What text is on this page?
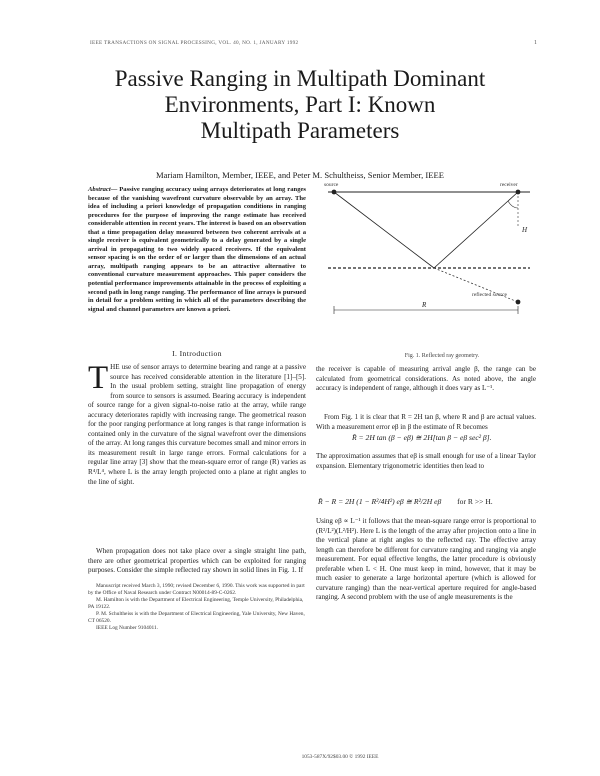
IEEE TRANSACTIONS ON SIGNAL PROCESSING, VOL. 40, NO. 1, JANUARY 1992	1
Passive Ranging in Multipath Dominant
Environments, Part I: Known
Multipath Parameters
Mariam Hamilton, Member, IEEE, and Peter M. Schultheiss, Senior Member, IEEE
Abstract— Passive ranging accuracy using arrays deteriorates at long ranges because of the vanishing wavefront curvature observable by an array. The idea of including a priori knowledge of propagation conditions in ranging procedures for the purpose of improving the range estimate has received considerable attention in recent years. The interest is based on an observation that a time propagation delay measured between two coherent arrivals at a single receiver is equivalent geometrically to a delay generated by a single arrival in propagating to two widely spaced receivers. If the equivalent sensor spacing is on the order of or larger than the dimensions of an actual array, multipath ranging appears to be an attractive alternative to conventional curvature measurement approaches. This paper considers the potential performance improvements attainable in the process of exploiting a second path in long range ranging. The performance of line arrays is pursued in detail for a problem setting in which all of the parameters describing the signal and channel parameters are known a priori.
source	receiver
reflected source
R
H
Fig. 1. Reflected ray geometry.
I. Introduction
T HE use of sensor arrays to determine bearing and range at a passive source has received considerable attention in the literature [1]–[5]. In the usual problem setting, straight line propagation of energy from source to sensors is assumed. Bearing accuracy is independent of source range for a given signal-to-noise ratio at the array, while range accuracy deteriorates rapidly with increasing range. The geometrical reason for the poor ranging performance at long ranges is that range information is contained only in the curvature of the signal wavefront over the dimensions of the array. At long ranges this curvature becomes small and minor errors in its measurement result in large range errors. Formal calculations for a regular line array [3] show that the mean-square error of range (R) varies as R⁴/L⁴, where L is the array length projected onto a plane at right angles to the line of sight.

When propagation does not take place over a single straight line path, there are other geometrical properties which can be exploited for ranging purposes. Consider the simple reflected ray shown in solid lines in Fig. 1. If

Manuscript received March 3, 1990; revised December 6, 1990. This work was supported in part by the Office of Naval Research under Contract N00014-89-C-0262.
M. Hamilton is with the Department of Electrical Engineering, Temple University, Philadelphia, PA 19122.
P. M. Schultheiss is with the Department of Electrical Engineering, Yale University, New Haven, CT 06520.
IEEE Log Number 9104011.

the receiver is capable of measuring arrival angle β, the range can be calculated from geometrical considerations. As noted above, the angle accuracy is independent of range, although it does vary as L⁻¹.

From Fig. 1 it is clear that R = 2H tan β, where R and β are actual values. With a measurement error eβ in β the estimate of R becomes

R̂ = 2H tan (β − eβ) ≅ 2H[tan β − eβ sec² β].

The approximation assumes that eβ is small enough for use of a linear Taylor expansion. Elementary trigonometric identities then lead to

R̂ − R = 2H (1 − R²/4H²) eβ ≅ R²/2H eβ for R >> H.

Using eβ ∝ L⁻¹ it follows that the mean-square range error is proportional to (R²/L²)(L²/H²). Here L is the length of the array after projection onto a line in the vertical plane at right angles to the reflected ray. The effective array length can therefore be different for curvature ranging and ranging via angle measurement. For equal effective lengths, the latter procedure is obviously preferable when L < H. One must keep in mind, however, that it may be much easier to generate a large horizontal aperture (which is allowed for curvature ranging) than the near-vertical aperture required for angle-based ranging. A second problem with the use of angle measurements is the

1053-587X/92$03.00 © 1992 IEEE
